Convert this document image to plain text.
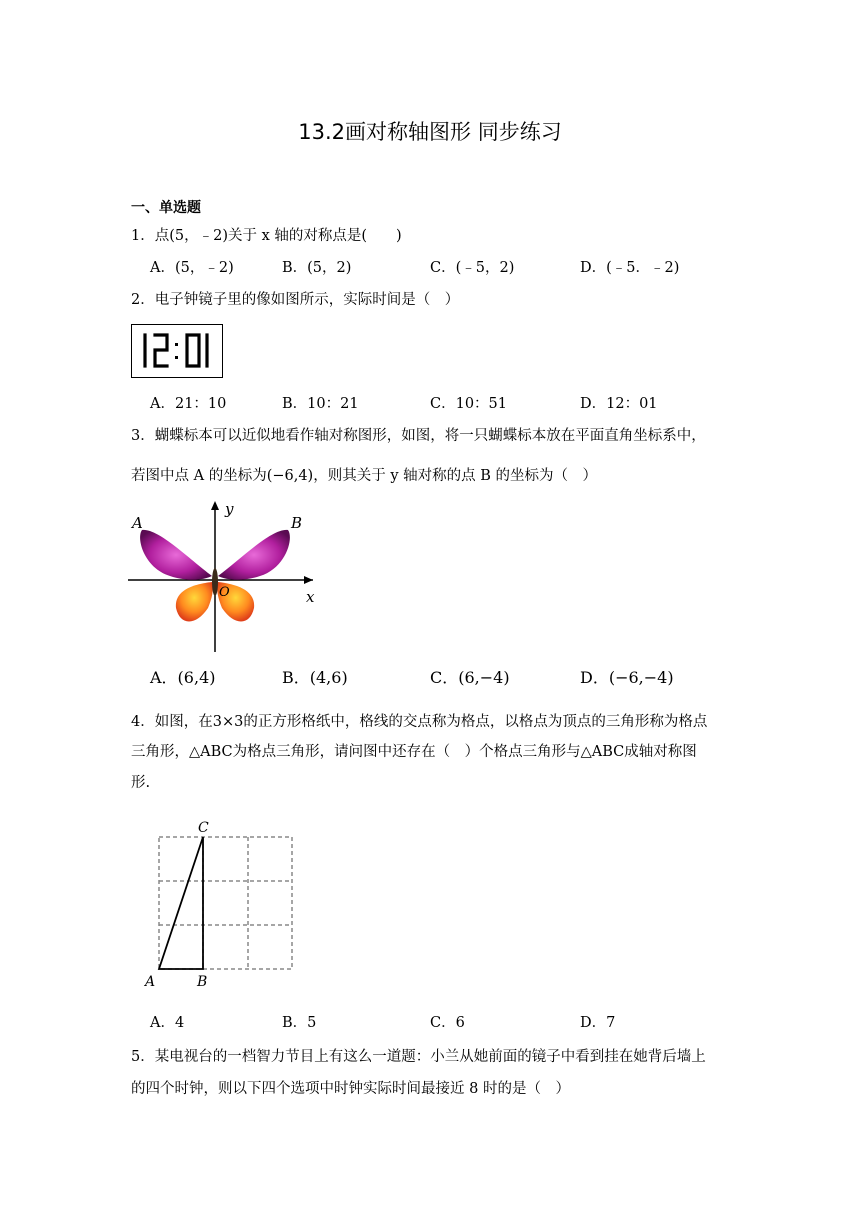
13.2画对称轴图形 同步练习
一、单选题
1．点(5，﹣2)关于 x 轴的对称点是(　　)
A．(5，﹣2)	B．(5，2)	C．(﹣5，2)	D．(﹣5．﹣2)
2．电子钟镜子里的像如图所示，实际时间是（　）
A．21：10	B．10：21	C．10：51	D．12：01
3．蝴蝶标本可以近似地看作轴对称图形，如图，将一只蝴蝶标本放在平面直角坐标系中，
若图中点 A 的坐标为(−6,4)，则其关于 y 轴对称的点 B 的坐标为（　）
A	B
y
x
O
A．(6,4)	B．(4,6)	C．(6,−4)	D．(−6,−4)
4．如图，在3×3的正方形格纸中，格线的交点称为格点，以格点为顶点的三角形称为格点
三角形，△ABC为格点三角形，请问图中还存在（　）个格点三角形与△ABC成轴对称图
形.
A	B
C
A．4	B．5	C．6	D．7
5．某电视台的一档智力节目上有这么一道题：小兰从她前面的镜子中看到挂在她背后墙上
的四个时钟，则以下四个选项中时钟实际时间最接近 8 时的是（　）
